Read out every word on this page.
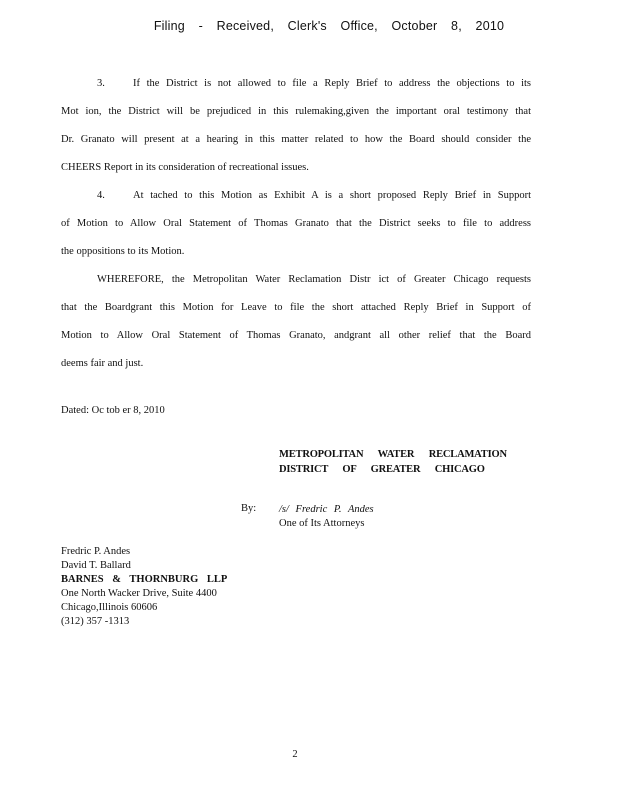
Filing - Received, Clerk's Office, October 8, 2010
3.	If the District is not allowed to file a Reply Brief to address the objections to its
Mot ion, the District will be prejudiced in this rulemaking,given the important oral testimony that
Dr. Granato will present at a hearing in this matter related to how the Board should consider the
CHEERS Report in its consideration of recreational issues.
4.	At tached to this Motion as Exhibit A is a short proposed Reply Brief in Support
of Motion to Allow Oral Statement of Thomas Granato that the District seeks to file to address
the oppositions to its Motion.
WHEREFORE, the Metropolitan Water Reclamation Distr ict of Greater Chicago requests
that the Boardgrant this Motion for Leave to file the short attached Reply Brief in Support of
Motion to Allow Oral Statement of Thomas Granato, andgrant all other relief that the Board
deems fair and just.
Dated: Oc tob er 8, 2010
METROPOLITAN WATER RECLAMATION
DISTRICT OF GREATER CHICAGO
By: /s/ Fredric P. Andes
One of Its Attorneys
Fredric P. Andes
David T. Ballard
BARNES & THORNBURG LLP
One North Wacker Drive, Suite 4400
Chicago,Illinois 60606
(312) 357 -1313
2
